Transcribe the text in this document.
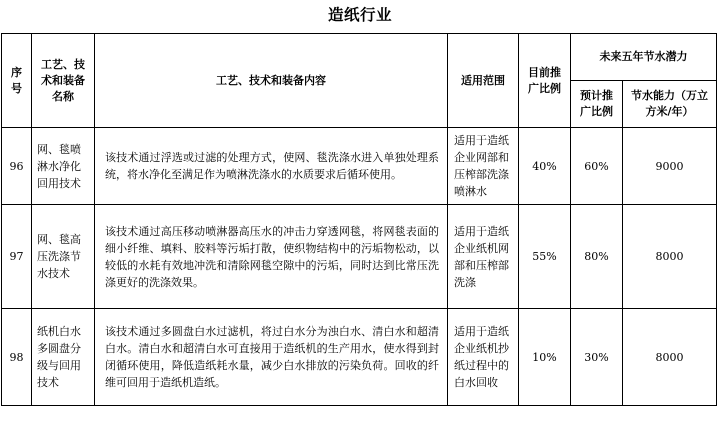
造纸行业
序号	工艺、技术和装备名称	工艺、技术和装备内容	适用范围	目前推广比例	未来五年节水潜力	
					预计推广比例	节水能力（万立方米/年）
96	网、毯喷淋水净化回用技术	该技术通过浮选或过滤的处理方式，使网、毯洗涤水进入单独处理系统，将水净化至满足作为喷淋洗涤水的水质要求后循环使用。	适用于造纸企业网部和压榨部洗涤喷淋水	40%	60%	9000
97	网、毯高压洗涤节水技术	该技术通过高压移动喷淋器高压水的冲击力穿透网毯，将网毯表面的细小纤维、填料、胶料等污垢打散，使织物结构中的污垢物松动，以较低的水耗有效地冲洗和清除网毯空隙中的污垢，同时达到比常压洗涤更好的洗涤效果。	适用于造纸企业纸机网部和压榨部洗涤	55%	80%	8000
98	纸机白水多圆盘分级与回用技术	该技术通过多圆盘白水过滤机，将过白水分为浊白水、清白水和超清白水。清白水和超清白水可直接用于造纸机的生产用水，使水得到封闭循环使用，降低造纸耗水量，减少白水排放的污染负荷。回收的纤维可回用于造纸机造纸。	适用于造纸企业纸机抄纸过程中的白水回收	10%	30%	8000
